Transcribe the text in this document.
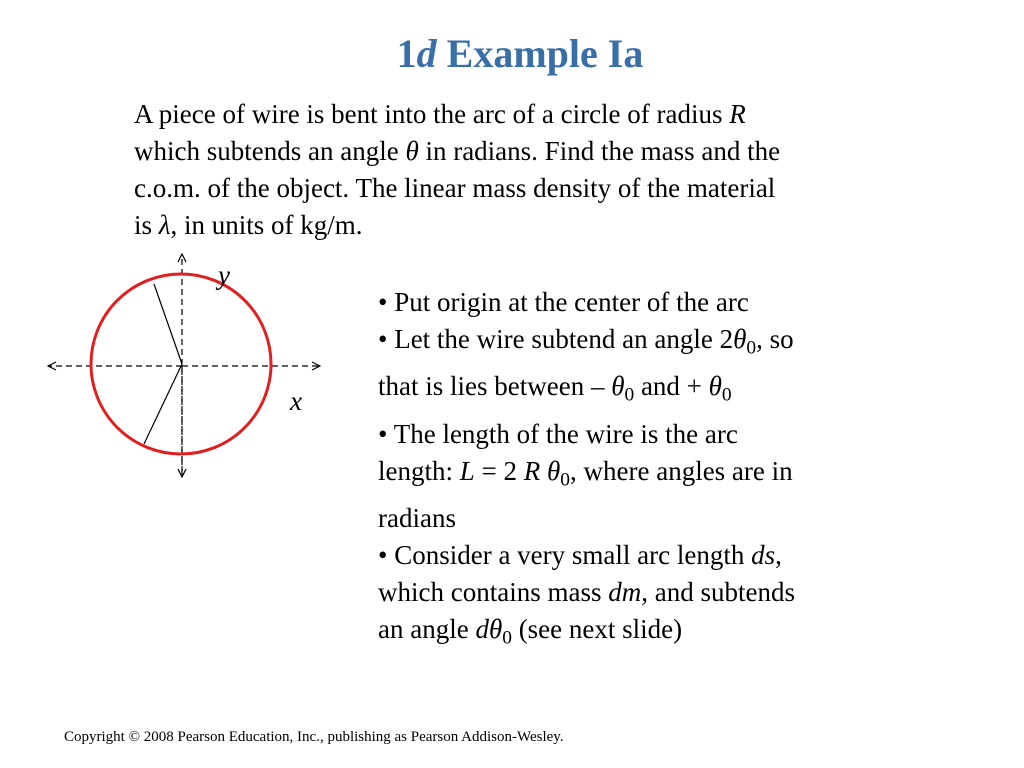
1d Example Ia
A piece of wire is bent into the arc of a circle of radius R
which subtends an angle θ in radians. Find the mass and the
c.o.m. of the object. The linear mass density of the material
is λ, in units of kg/m.
y
x
• Put origin at the center of the arc
• Let the wire subtend an angle $2\theta_0$, so
that is lies between – $\theta_0$ and + $\theta_0$
• The length of the wire is the arc
length: L = 2 R $\theta_0$, where angles are in
radians
• Consider a very small arc length ds,
which contains mass dm, and subtends
an angle $d\theta_0$ (see next slide)
Copyright © 2008 Pearson Education, Inc., publishing as Pearson Addison-Wesley.
